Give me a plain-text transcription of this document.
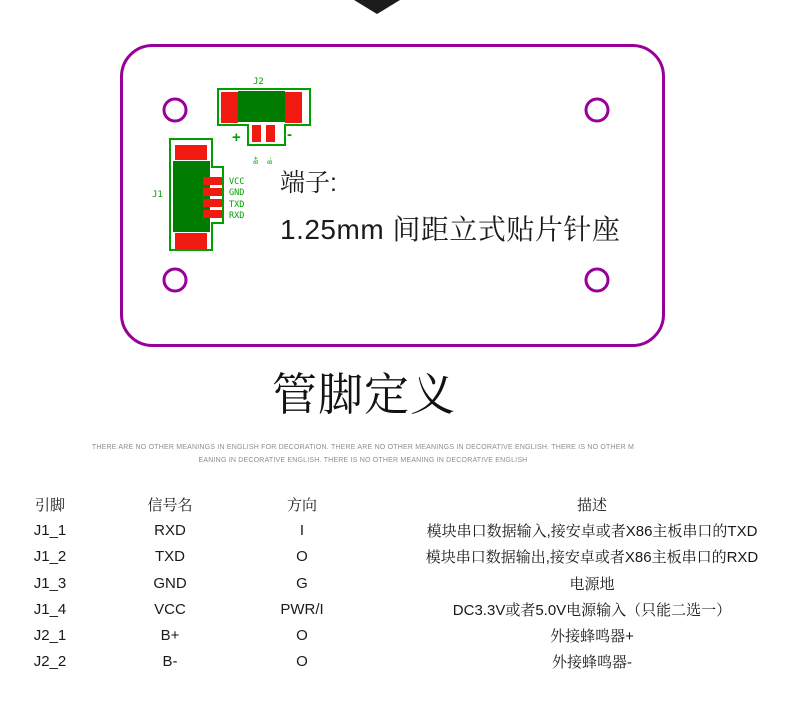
+	-
J2
B+ B-
VCC
GND
TXD
RXD
J1	端子:
1.25mm 间距立式贴片针座
管脚定义
THERE ARE NO OTHER MEANINGS IN ENGLISH FOR DECORATION. THERE ARE NO OTHER MEANINGS IN DECORATIVE ENGLISH. THERE IS NO OTHER M
EANING IN DECORATIVE ENGLISH. THERE IS NO OTHER MEANING IN DECORATIVE ENGLISH
引脚	信号名	方向	描述
J1_1	RXD	I	模块串口数据输入,接安卓或者X86主板串口的TXD
J1_2	TXD	O	模块串口数据输出,接安卓或者X86主板串口的RXD
J1_3	GND	G	电源地
J1_4	VCC	PWR/I	DC3.3V或者5.0V电源输入（只能二选一）
J2_1	B+	O	外接蜂鸣器+
J2_2	B-	O	外接蜂鸣器-
